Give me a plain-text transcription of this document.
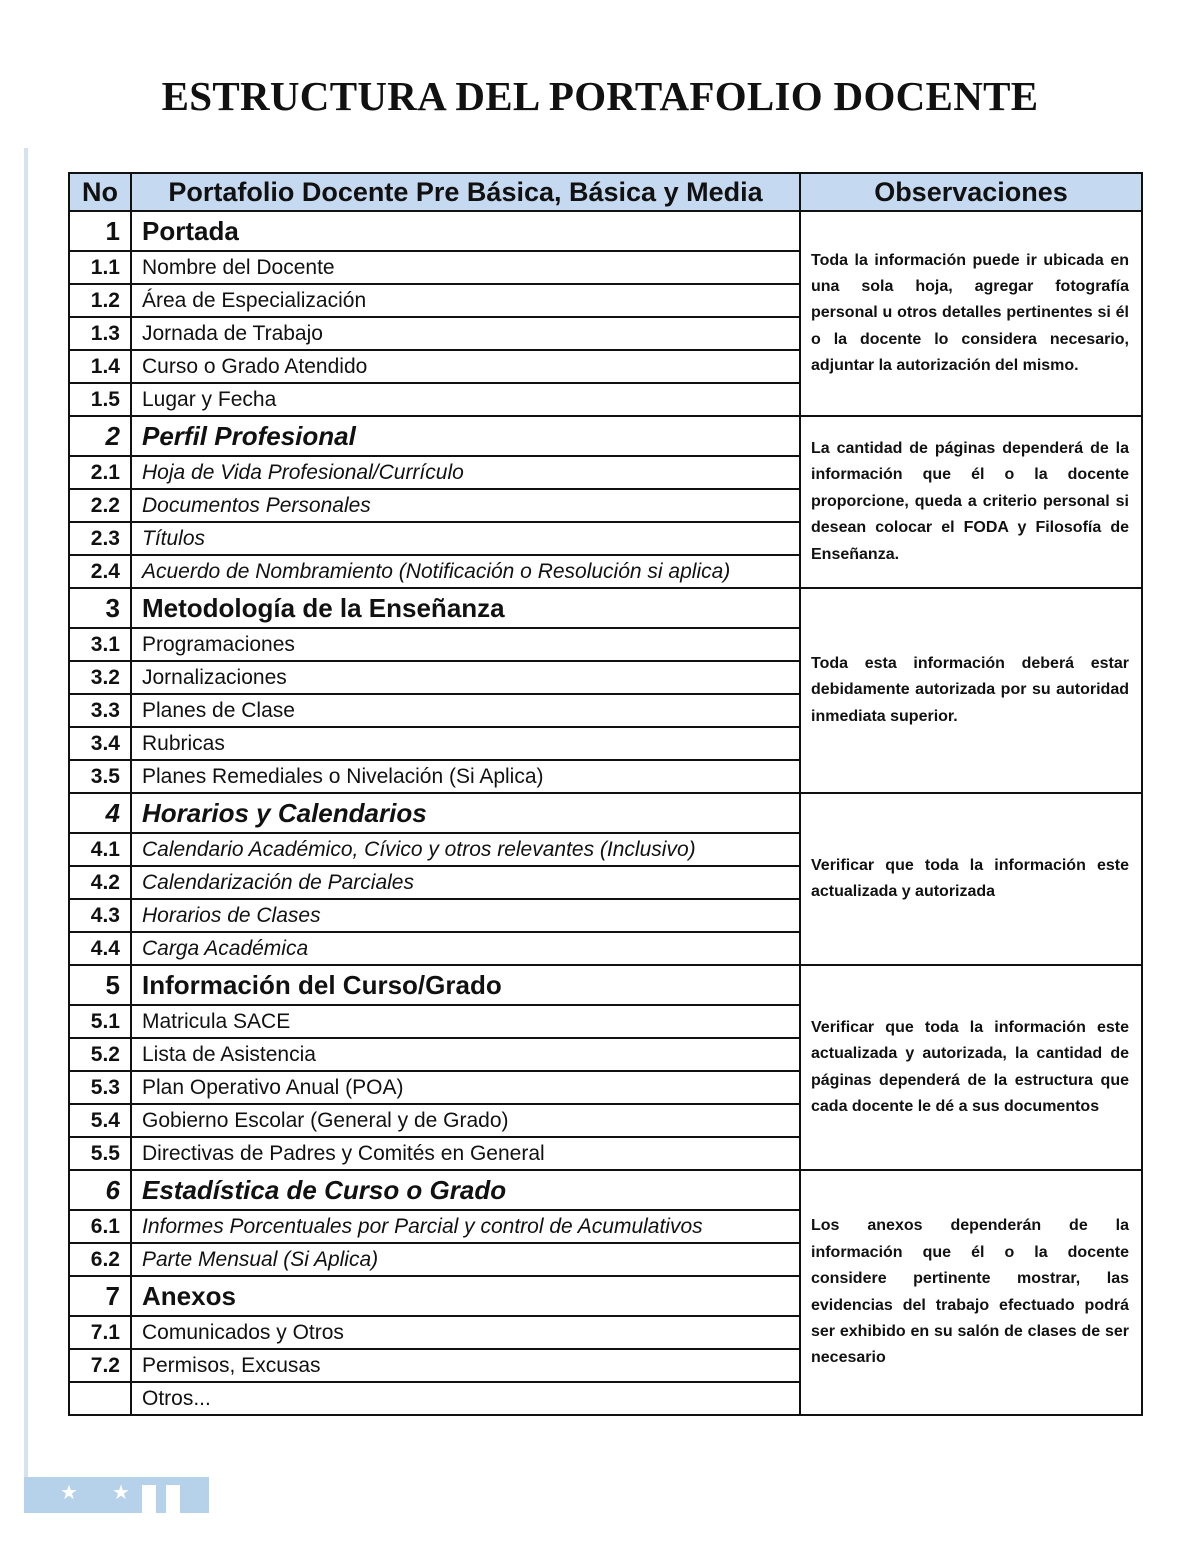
ESTRUCTURA DEL PORTAFOLIO DOCENTE
No	Portafolio Docente Pre Básica, Básica y Media	Observaciones
1	Portada	Toda la información puede ir ubicada en una sola hoja, agregar fotografía personal u otros detalles pertinentes si él o la docente lo considera necesario, adjuntar la autorización del mismo.
1.1	Nombre del Docente	
1.2	Área de Especialización	
1.3	Jornada de Trabajo	
1.4	Curso o Grado Atendido	
1.5	Lugar y Fecha	
2	Perfil Profesional	La cantidad de páginas dependerá de la información que él o la docente proporcione, queda a criterio personal si desean colocar el FODA y Filosofía de Enseñanza.
2.1	Hoja de Vida Profesional/Currículo	
2.2	Documentos Personales	
2.3	Títulos	
2.4	Acuerdo de Nombramiento (Notificación o Resolución si aplica)	
3	Metodología de la Enseñanza	Toda esta información deberá estar debidamente autorizada por su autoridad inmediata superior.
3.1	Programaciones	
3.2	Jornalizaciones	
3.3	Planes de Clase	
3.4	Rubricas	
3.5	Planes Remediales o Nivelación (Si Aplica)	
4	Horarios y Calendarios	Verificar que toda la información este actualizada y autorizada
4.1	Calendario Académico, Cívico y otros relevantes (Inclusivo)	
4.2	Calendarización de Parciales	
4.3	Horarios de Clases	
4.4	Carga Académica	
5	Información del Curso/Grado	Verificar que toda la información este actualizada y autorizada, la cantidad de páginas dependerá de la estructura que cada docente le dé a sus documentos
5.1	Matricula SACE	
5.2	Lista de Asistencia	
5.3	Plan Operativo Anual (POA)	
5.4	Gobierno Escolar (General y de Grado)	
5.5	Directivas de Padres y Comités en General	
6	Estadística de Curso o Grado	Los anexos dependerán de la información que él o la docente considere pertinente mostrar, las evidencias del trabajo efectuado podrá ser exhibido en su salón de clases de ser necesario
6.1	Informes Porcentuales por Parcial y control de Acumulativos	
6.2	Parte Mensual (Si Aplica)	
7	Anexos	
7.1	Comunicados y Otros	
7.2	Permisos, Excusas	
	Otros...	
★ ★
